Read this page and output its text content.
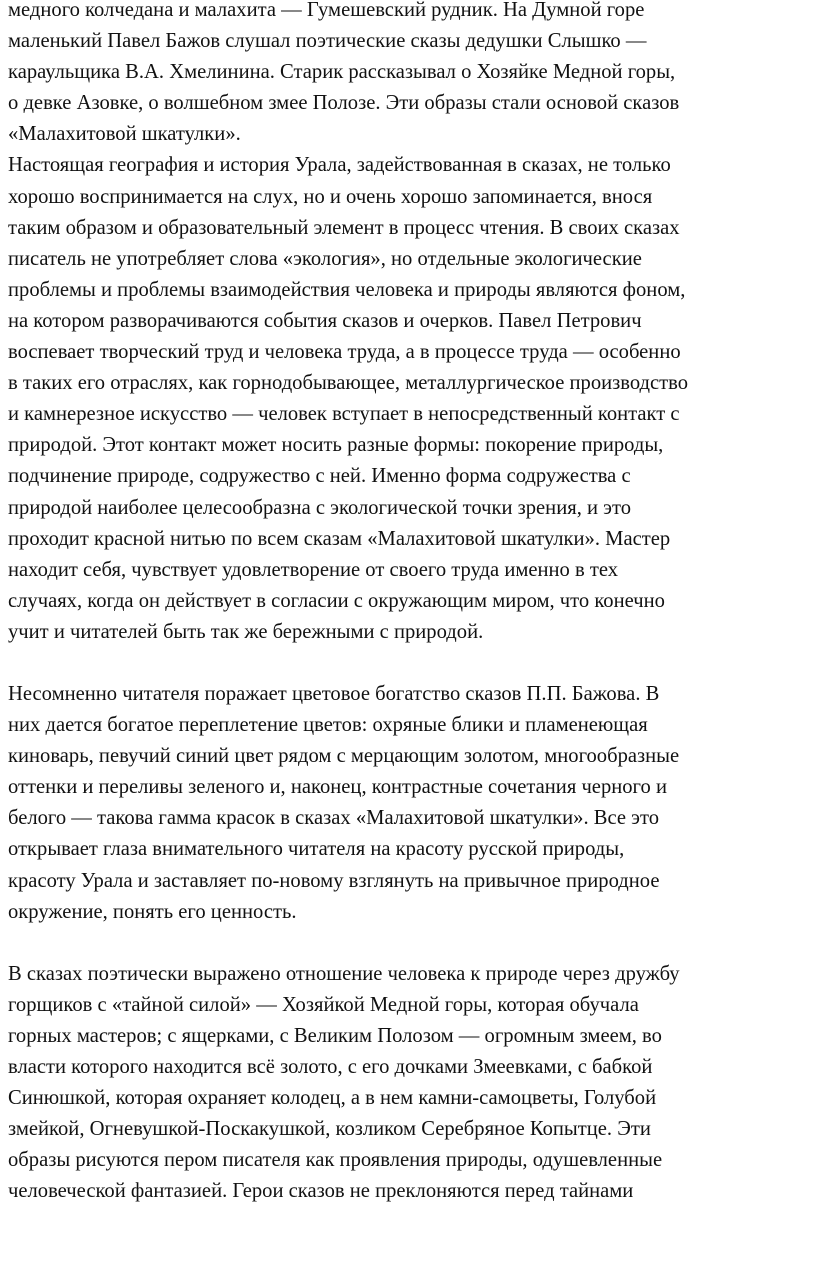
медного колчедана и малахита — Гумешевский рудник. На Думной горе
маленький Павел Бажов слушал поэтические сказы дедушки Слышко —
караульщика В.А. Хмелинина. Старик рассказывал о Хозяйке Медной горы,
о девке Азовке, о волшебном змее Полозе. Эти образы стали основой сказов
«Малахитовой шкатулки».

Настоящая география и история Урала, задействованная в сказах, не только
хорошо воспринимается на слух, но и очень хорошо запоминается, внося
таким образом и образовательный элемент в процесс чтения. В своих сказах
писатель не употребляет слова «экология», но отдельные экологические
проблемы и проблемы взаимодействия человека и природы являются фоном,
на котором разворачиваются события сказов и очерков. Павел Петрович
воспевает творческий труд и человека труда, а в процессе труда — особенно
в таких его отраслях, как горнодобывающее, металлургическое производство
и камнерезное искусство — человек вступает в непосредственный контакт с
природой. Этот контакт может носить разные формы: покорение природы,
подчинение природе, содружество с ней. Именно форма содружества с
природой наиболее целесообразна с экологической точки зрения, и это
проходит красной нитью по всем сказам «Малахитовой шкатулки». Мастер
находит себя, чувствует удовлетворение от своего труда именно в тех
случаях, когда он действует в согласии с окружающим миром, что конечно
учит и читателей быть так же бережными с природой.

Несомненно читателя поражает цветовое богатство сказов П.П. Бажова. В
них дается богатое переплетение цветов: охряные блики и пламенеющая
киноварь, певучий синий цвет рядом с мерцающим золотом, многообразные
оттенки и переливы зеленого и, наконец, контрастные сочетания черного и
белого — такова гамма красок в сказах «Малахитовой шкатулки». Все это
открывает глаза внимательного читателя на красоту русской природы,
красоту Урала и заставляет по-новому взглянуть на привычное природное
окружение, понять его ценность.

В сказах поэтически выражено отношение человека к природе через дружбу
горщиков с «тайной силой» — Хозяйкой Медной горы, которая обучала
горных мастеров; с ящерками, с Великим Полозом — огромным змеем, во
власти которого находится всё золото, с его дочками Змеевками, с бабкой
Синюшкой, которая охраняет колодец, а в нем камни-самоцветы, Голубой
змейкой, Огневушкой-Поскакушкой, козликом Серебряное Копытце. Эти
образы рисуются пером писателя как проявления природы, одушевленные
человеческой фантазией. Герои сказов не преклоняются перед тайнами
